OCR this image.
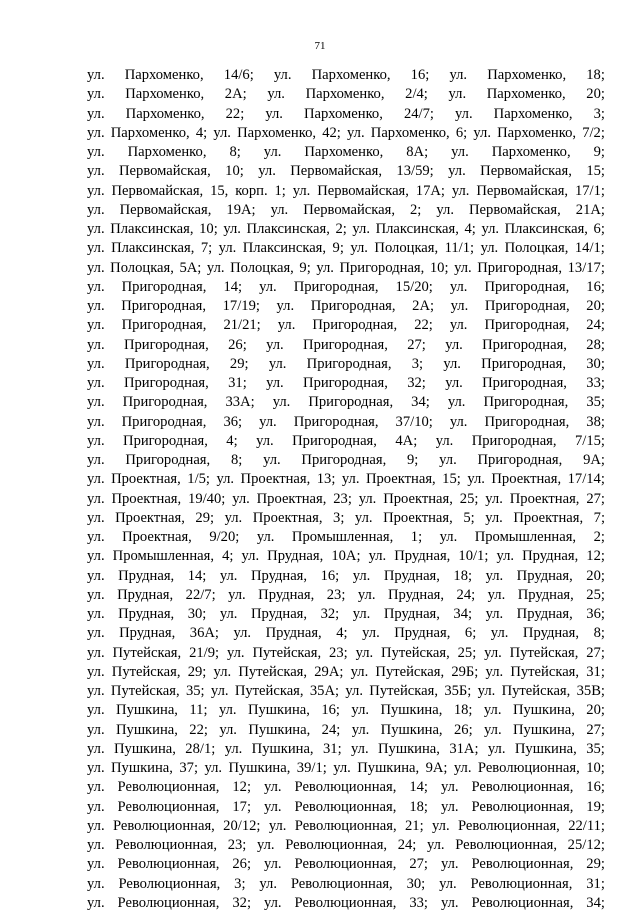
71
ул. Пархоменко, 14/6; ул. Пархоменко, 16; ул. Пархоменко, 18;
ул. Пархоменко, 2А; ул. Пархоменко, 2/4; ул. Пархоменко, 20;
ул. Пархоменко, 22; ул. Пархоменко, 24/7; ул. Пархоменко, 3;
ул. Пархоменко, 4; ул. Пархоменко, 42; ул. Пархоменко, 6; ул. Пархоменко, 7/2;
ул. Пархоменко, 8; ул. Пархоменко, 8А; ул. Пархоменко, 9;
ул. Первомайская, 10; ул. Первомайская, 13/59; ул. Первомайская, 15;
ул. Первомайская, 15, корп. 1; ул. Первомайская, 17А; ул. Первомайская, 17/1;
ул. Первомайская, 19А; ул. Первомайская, 2; ул. Первомайская, 21А;
ул. Плаксинская, 10; ул. Плаксинская, 2; ул. Плаксинская, 4; ул. Плаксинская, 6;
ул. Плаксинская, 7; ул. Плаксинская, 9; ул. Полоцкая, 11/1; ул. Полоцкая, 14/1;
ул. Полоцкая, 5А; ул. Полоцкая, 9; ул. Пригородная, 10; ул. Пригородная, 13/17;
ул. Пригородная, 14; ул. Пригородная, 15/20; ул. Пригородная, 16;
ул. Пригородная, 17/19; ул. Пригородная, 2А; ул. Пригородная, 20;
ул. Пригородная, 21/21; ул. Пригородная, 22; ул. Пригородная, 24;
ул. Пригородная, 26; ул. Пригородная, 27; ул. Пригородная, 28;
ул. Пригородная, 29; ул. Пригородная, 3; ул. Пригородная, 30;
ул. Пригородная, 31; ул. Пригородная, 32; ул. Пригородная, 33;
ул. Пригородная, 33А; ул. Пригородная, 34; ул. Пригородная, 35;
ул. Пригородная, 36; ул. Пригородная, 37/10; ул. Пригородная, 38;
ул. Пригородная, 4; ул. Пригородная, 4А; ул. Пригородная, 7/15;
ул. Пригородная, 8; ул. Пригородная, 9; ул. Пригородная, 9А;
ул. Проектная, 1/5; ул. Проектная, 13; ул. Проектная, 15; ул. Проектная, 17/14;
ул. Проектная, 19/40; ул. Проектная, 23; ул. Проектная, 25; ул. Проектная, 27;
ул. Проектная, 29; ул. Проектная, 3; ул. Проектная, 5; ул. Проектная, 7;
ул. Проектная, 9/20; ул. Промышленная, 1; ул. Промышленная, 2;
ул. Промышленная, 4; ул. Прудная, 10А; ул. Прудная, 10/1; ул. Прудная, 12;
ул. Прудная, 14; ул. Прудная, 16; ул. Прудная, 18; ул. Прудная, 20;
ул. Прудная, 22/7; ул. Прудная, 23; ул. Прудная, 24; ул. Прудная, 25;
ул. Прудная, 30; ул. Прудная, 32; ул. Прудная, 34; ул. Прудная, 36;
ул. Прудная, 36А; ул. Прудная, 4; ул. Прудная, 6; ул. Прудная, 8;
ул. Путейская, 21/9; ул. Путейская, 23; ул. Путейская, 25; ул. Путейская, 27;
ул. Путейская, 29; ул. Путейская, 29А; ул. Путейская, 29Б; ул. Путейская, 31;
ул. Путейская, 35; ул. Путейская, 35А; ул. Путейская, 35Б; ул. Путейская, 35В;
ул. Пушкина, 11; ул. Пушкина, 16; ул. Пушкина, 18; ул. Пушкина, 20;
ул. Пушкина, 22; ул. Пушкина, 24; ул. Пушкина, 26; ул. Пушкина, 27;
ул. Пушкина, 28/1; ул. Пушкина, 31; ул. Пушкина, 31А; ул. Пушкина, 35;
ул. Пушкина, 37; ул. Пушкина, 39/1; ул. Пушкина, 9А; ул. Революционная, 10;
ул. Революционная, 12; ул. Революционная, 14; ул. Революционная, 16;
ул. Революционная, 17; ул. Революционная, 18; ул. Революционная, 19;
ул. Революционная, 20/12; ул. Революционная, 21; ул. Революционная, 22/11;
ул. Революционная, 23; ул. Революционная, 24; ул. Революционная, 25/12;
ул. Революционная, 26; ул. Революционная, 27; ул. Революционная, 29;
ул. Революционная, 3; ул. Революционная, 30; ул. Революционная, 31;
ул. Революционная, 32; ул. Революционная, 33; ул. Революционная, 34;
